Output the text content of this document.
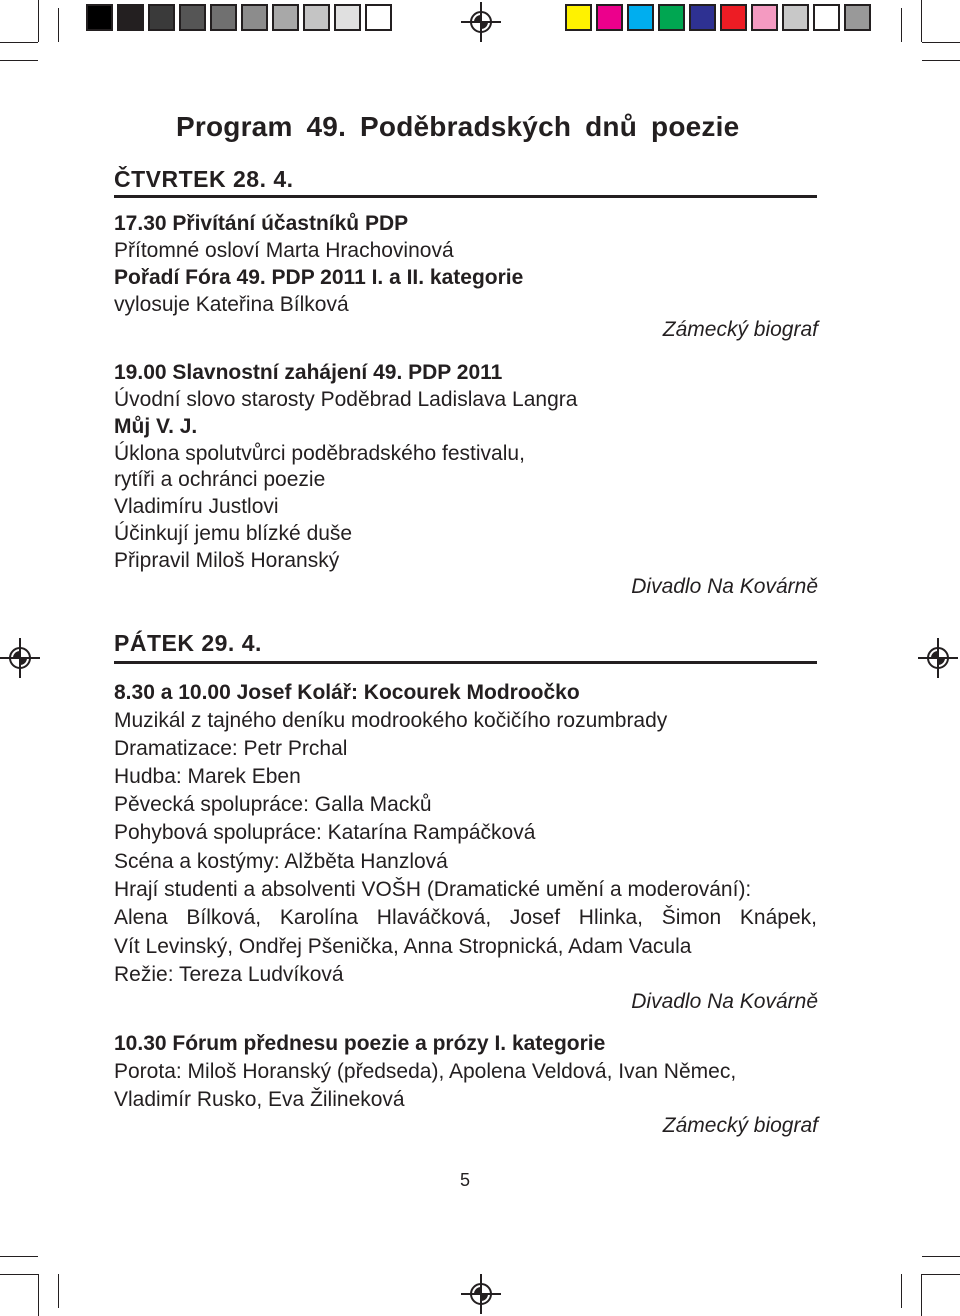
Program 49. Poděbradských dnů poezie
ČTVRTEK 28. 4.
17.30 Přivítání účastníků PDP
Přítomné osloví Marta Hrachovinová
Pořadí Fóra 49. PDP 2011 I. a II. kategorie
vylosuje Kateřina Bílková
Zámecký biograf
19.00 Slavnostní zahájení 49. PDP 2011
Úvodní slovo starosty Poděbrad Ladislava Langra
Můj V. J.
Úklona spolutvůrci poděbradského festivalu,
rytíři a ochránci poezie
Vladimíru Justlovi
Účinkují jemu blízké duše
Připravil Miloš Horanský
Divadlo Na Kovárně
PÁTEK 29. 4.
8.30 a 10.00 Josef Kolář: Kocourek Modroočko
Muzikál z tajného deníku modrookého kočičího rozumbrady
Dramatizace: Petr Prchal
Hudba: Marek Eben
Pěvecká spolupráce: Galla Macků
Pohybová spolupráce: Katarína Rampáčková
Scéna a kostýmy: Alžběta Hanzlová
Hrají studenti a absolventi VOŠH (Dramatické umění a moderování):
Alena Bílková, Karolína Hlaváčková, Josef Hlinka, Šimon Knápek,
Vít Levinský, Ondřej Pšenička, Anna Stropnická, Adam Vacula
Režie: Tereza Ludvíková
Divadlo Na Kovárně
10.30 Fórum přednesu poezie a prózy I. kategorie
Porota: Miloš Horanský (předseda), Apolena Veldová, Ivan Němec,
Vladimír Rusko, Eva Žilineková
Zámecký biograf
5
